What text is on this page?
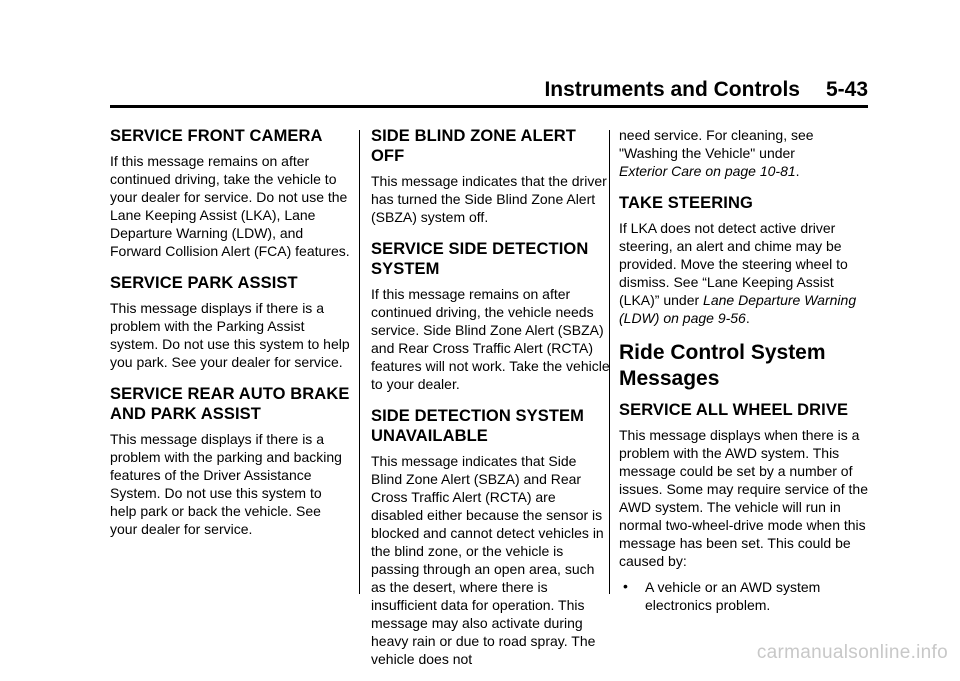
Instruments and Controls 5-43
SERVICE FRONT CAMERA

If this message remains on after continued driving, take the vehicle to your dealer for service. Do not use the Lane Keeping Assist (LKA), Lane Departure Warning (LDW), and Forward Collision Alert (FCA) features.

SERVICE PARK ASSIST

This message displays if there is a problem with the Parking Assist system. Do not use this system to help you park. See your dealer for service.

SERVICE REAR AUTO BRAKE AND PARK ASSIST

This message displays if there is a problem with the parking and backing features of the Driver Assistance System. Do not use this system to help park or back the vehicle. See your dealer for service.

SIDE BLIND ZONE ALERT OFF

This message indicates that the driver has turned the Side Blind Zone Alert (SBZA) system off.

SERVICE SIDE DETECTION SYSTEM

If this message remains on after continued driving, the vehicle needs service. Side Blind Zone Alert (SBZA) and Rear Cross Traffic Alert (RCTA) features will not work. Take the vehicle to your dealer.

SIDE DETECTION SYSTEM UNAVAILABLE

This message indicates that Side Blind Zone Alert (SBZA) and Rear Cross Traffic Alert (RCTA) are disabled either because the sensor is blocked and cannot detect vehicles in the blind zone, or the vehicle is passing through an open area, such as the desert, where there is insufficient data for operation. This message may also activate during heavy rain or due to road spray. The vehicle does not

need service. For cleaning, see "Washing the Vehicle" under
Exterior Care on page 10-81.

TAKE STEERING

If LKA does not detect active driver steering, an alert and chime may be provided. Move the steering wheel to dismiss. See “Lane Keeping Assist (LKA)” under Lane Departure Warning (LDW) on page 9-56.

Ride Control System Messages
SERVICE ALL WHEEL DRIVE

This message displays when there is a problem with the AWD system. This message could be set by a number of issues. Some may require service of the AWD system. The vehicle will run in normal two-wheel-drive mode when this message has been set. This could be caused by:

• A vehicle or an AWD system electronics problem.
carmanualsonline.info
